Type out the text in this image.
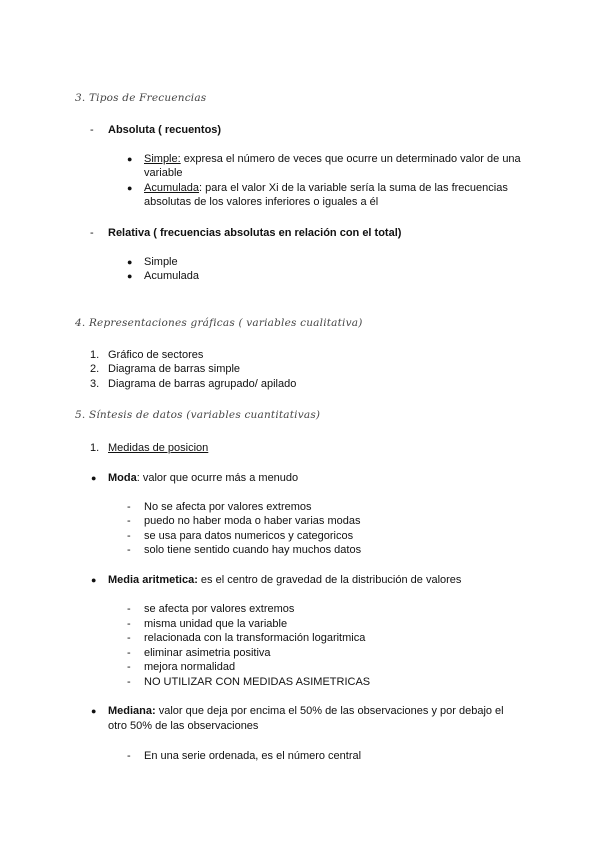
3. Tipos de Frecuencias
- Absoluta ( recuentos)
● Simple: expresa el número de veces que ocurre un determinado valor de una
variable
● Acumulada: para el valor Xi de la variable sería la suma de las frecuencias
absolutas de los valores inferiores o iguales a él
- Relativa ( frecuencias absolutas en relación con el total)
● Simple
● Acumulada
4. Representaciones gráficas ( variables cualitativa)
1. Gráfico de sectores
2. Diagrama de barras simple
3. Diagrama de barras agrupado/ apilado
5. Síntesis de datos (variables cuantitativas)
1. Medidas de posicion
● Moda: valor que ocurre más a menudo
- No se afecta por valores extremos
- puedo no haber moda o haber varias modas
- se usa para datos numericos y categoricos
- solo tiene sentido cuando hay muchos datos
● Media aritmetica: es el centro de gravedad de la distribución de valores
- se afecta por valores extremos
- misma unidad que la variable
- relacionada con la transformación logaritmica
- eliminar asimetria positiva
- mejora normalidad
- NO UTILIZAR CON MEDIDAS ASIMETRICAS
● Mediana: valor que deja por encima el 50% de las observaciones y por debajo el
otro 50% de las observaciones
- En una serie ordenada, es el número central
